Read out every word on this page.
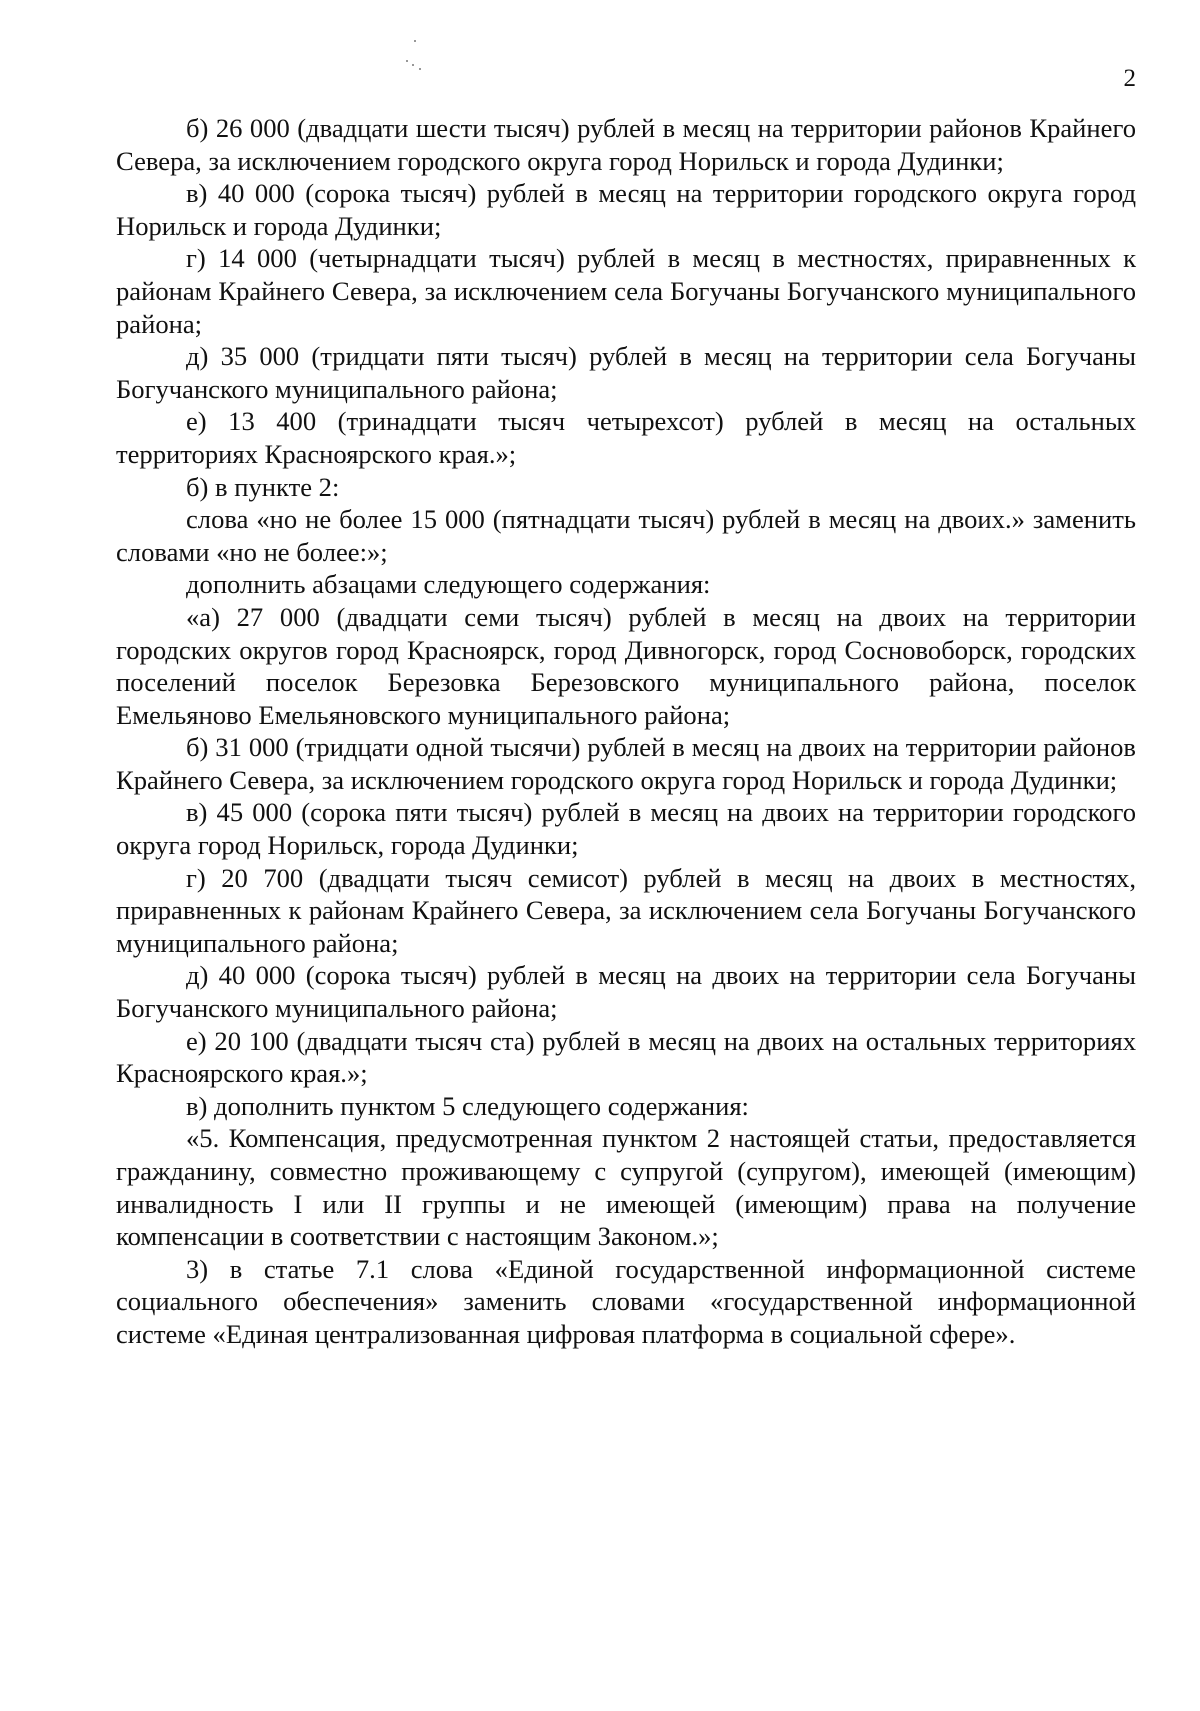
2

б) 26 000 (двадцати шести тысяч) рублей в месяц на территории районов Крайнего Севера, за исключением городского округа город Норильск и города Дудинки;

в) 40 000 (сорока тысяч) рублей в месяц на территории городского округа город Норильск и города Дудинки;

г) 14 000 (четырнадцати тысяч) рублей в месяц в местностях, приравненных к районам Крайнего Севера, за исключением села Богучаны Богучанского муниципального района;

д) 35 000 (тридцати пяти тысяч) рублей в месяц на территории села Богучаны Богучанского муниципального района;

е) 13 400 (тринадцати тысяч четырехсот) рублей в месяц на остальных территориях Красноярского края.»;

б) в пункте 2:

слова «но не более 15 000 (пятнадцати тысяч) рублей в месяц на двоих.» заменить словами «но не более:»;

дополнить абзацами следующего содержания:

«а) 27 000 (двадцати семи тысяч) рублей в месяц на двоих на территории городских округов город Красноярск, город Дивногорск, город Сосновоборск, городских поселений поселок Березовка Березовского муниципального района, поселок Емельяново Емельяновского муниципального района;

б) 31 000 (тридцати одной тысячи) рублей в месяц на двоих на территории районов Крайнего Севера, за исключением городского округа город Норильск и города Дудинки;

в) 45 000 (сорока пяти тысяч) рублей в месяц на двоих на территории городского округа город Норильск, города Дудинки;

г) 20 700 (двадцати тысяч семисот) рублей в месяц на двоих в местностях, приравненных к районам Крайнего Севера, за исключением села Богучаны Богучанского муниципального района;

д) 40 000 (сорока тысяч) рублей в месяц на двоих на территории села Богучаны Богучанского муниципального района;

е) 20 100 (двадцати тысяч ста) рублей в месяц на двоих на остальных территориях Красноярского края.»;

в) дополнить пунктом 5 следующего содержания:

«5. Компенсация, предусмотренная пунктом 2 настоящей статьи, предоставляется гражданину, совместно проживающему с супругой (супругом), имеющей (имеющим) инвалидность I или II группы и не имеющей (имеющим) права на получение компенсации в соответствии с настоящим Законом.»;

3) в статье 7.1 слова «Единой государственной информационной системе социального обеспечения» заменить словами «государственной информационной системе «Единая централизованная цифровая платформа в социальной сфере».
